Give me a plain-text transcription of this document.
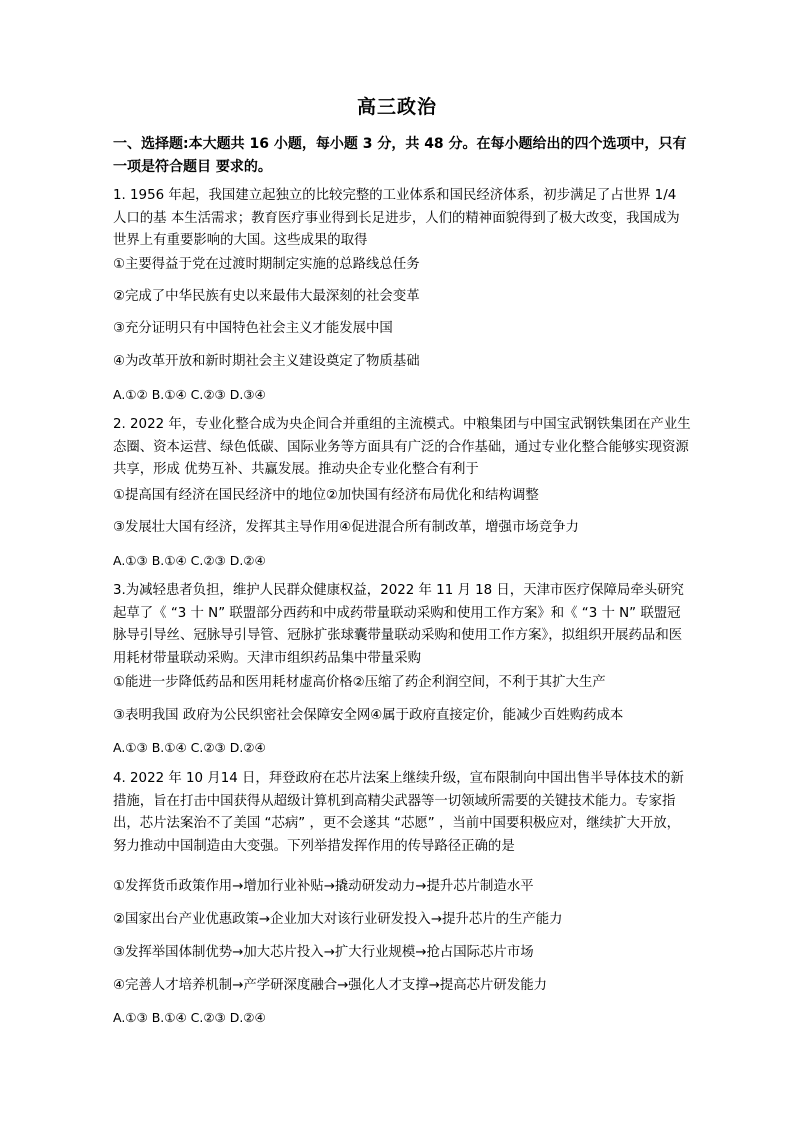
高三政治
一、选择题:本大题共 16 小题，每小题 3 分，共 48 分。在每小题给出的四个选项中，只有一项是符合题目 要求的。
1. 1956 年起，我国建立起独立的比较完整的工业体系和国民经济体系，初步满足了占世界 1/4 人口的基 本生活需求；教育医疗事业得到长足进步，人们的精神面貌得到了极大改变，我国成为世界上有重要影响的大国。这些成果的取得
①主要得益于党在过渡时期制定实施的总路线总任务
②完成了中华民族有史以来最伟大最深刻的社会变革
③充分证明只有中国特色社会主义才能发展中国
④为改革开放和新时期社会主义建设奠定了物质基础
A.①② B.①④ C.②③ D.③④
2. 2022 年，专业化整合成为央企间合并重组的主流模式。中粮集团与中国宝武钢铁集团在产业生态圈、资本运营、绿色低碳、国际业务等方面具有广泛的合作基础，通过专业化整合能够实现资源共享，形成 优势互补、共赢发展。推动央企专业化整合有利于
①提高国有经济在国民经济中的地位②加快国有经济布局优化和结构调整
③发展壮大国有经济，发挥其主导作用④促进混合所有制改革，增强市场竞争力
A.①③ B.①④ C.②③ D.②④
3.为减轻患者负担，维护人民群众健康权益，2022 年 11 月 18 日，天津市医疗保障局牵头研究起草了《 “3 十 N” 联盟部分西药和中成药带量联动采购和使用工作方案》和《 “3 十 N” 联盟冠脉导引导丝、冠脉导引导管、冠脉扩张球囊带量联动采购和使用工作方案》，拟组织开展药品和医用耗材带量联动采购。天津市组织药品集中带量采购
①能进一步降低药品和医用耗材虚高价格②压缩了药企利润空间，不利于其扩大生产
③表明我国 政府为公民织密社会保障安全网④属于政府直接定价，能减少百姓购药成本
A.①③ B.①④ C.②③ D.②④
4. 2022 年 10 月14 日，拜登政府在芯片法案上继续升级，宣布限制向中国出售半导体技术的新措施，旨在打击中国获得从超级计算机到高精尖武器等一切领域所需要的关键技术能力。专家指出，芯片法案治不了美国 “芯病” ，更不会遂其 “芯愿” ，当前中国要积极应对，继续扩大开放，努力推动中国制造由大变强。下列举措发挥作用的传导路径正确的是
①发挥货币政策作用→增加行业补贴→撬动研发动力→提升芯片制造水平
②国家出台产业优惠政策→企业加大对该行业研发投入→提升芯片的生产能力
③发挥举国体制优势→加大芯片投入→扩大行业规模→抢占国际芯片市场
④完善人才培养机制→产学研深度融合→强化人才支撑→提高芯片研发能力
A.①③ B.①④ C.②③ D.②④
